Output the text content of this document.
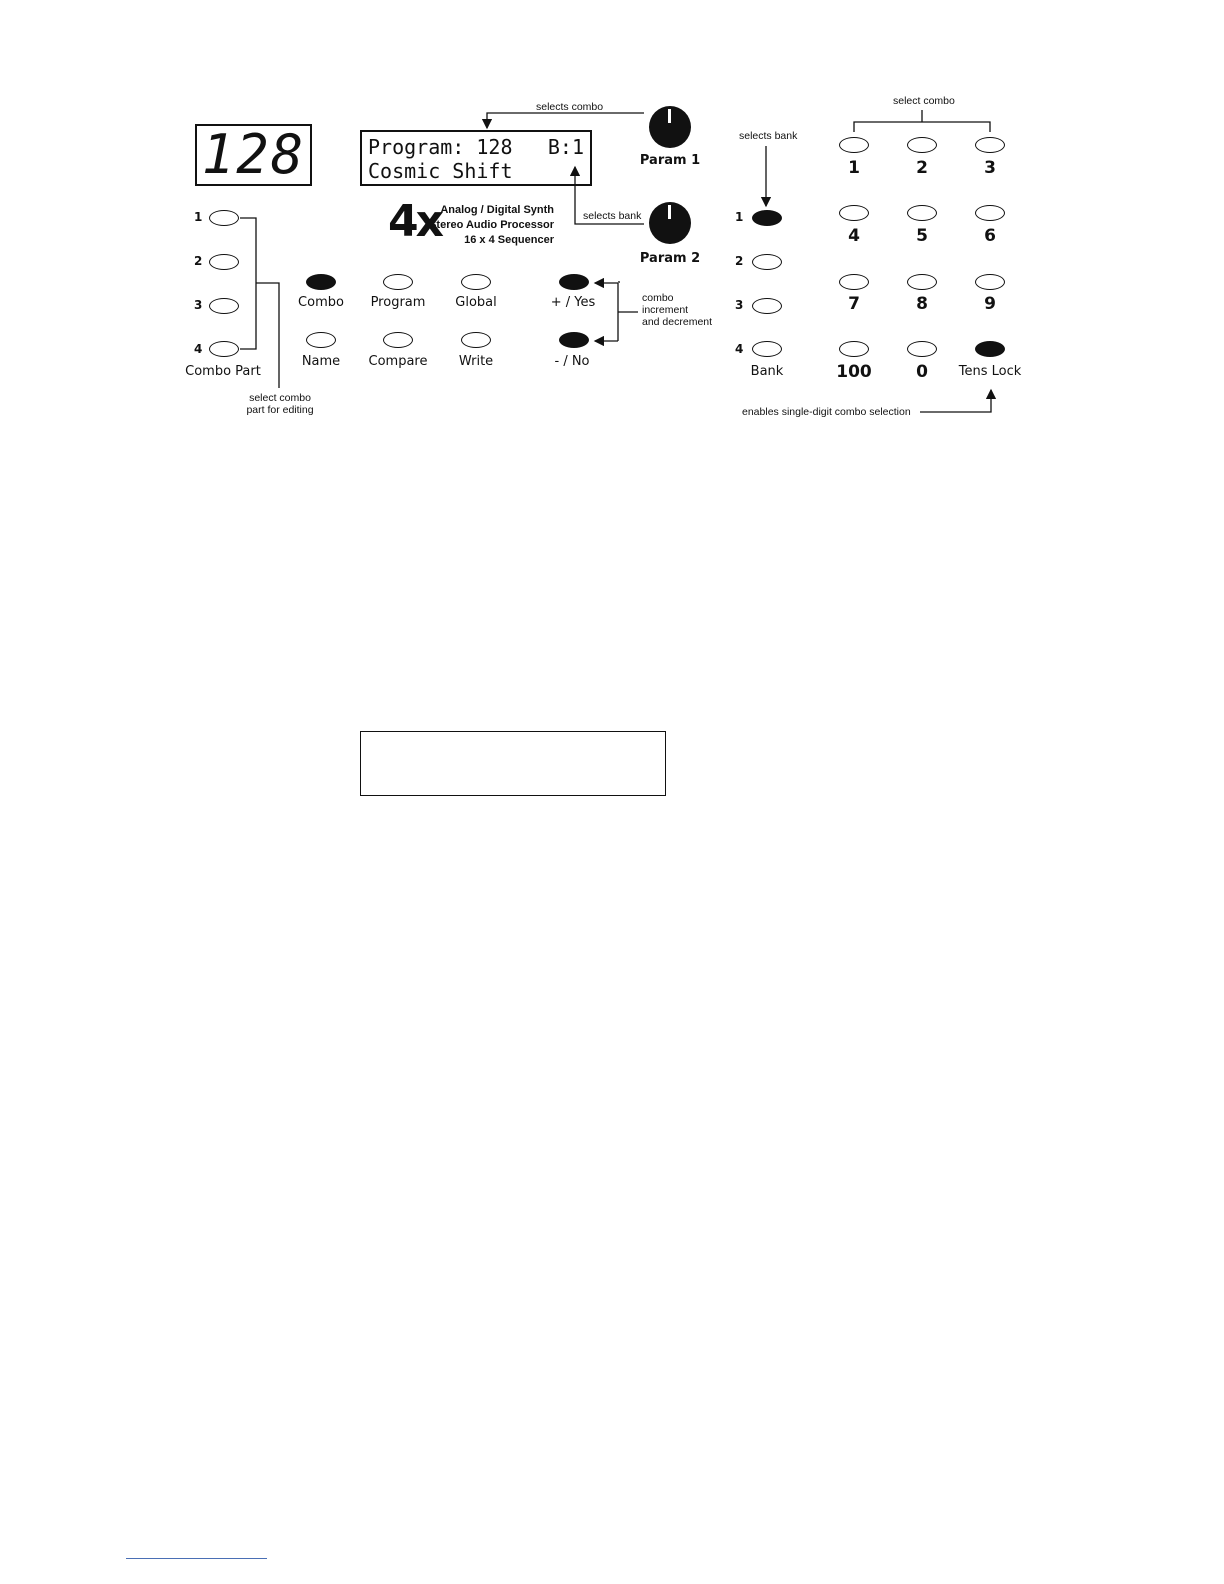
128	Program: 128 B:1
Cosmic Shift
selects combo
Param 1
Param 2
selects bank
4x Analog / Digital Synth
Stereo Audio Processor
16 x 4 Sequencer
1
2
3
4
Combo Part
select combo
part for editing
Combo Program Global	+ / Yes
Name Compare Write	- / No
combo
increment
and decrement
selects bank
1
2
3
4
Bank
select combo
1	2	3
4	5	6
7	8	9
100	0 Tens Lock
enables single-digit combo selection
